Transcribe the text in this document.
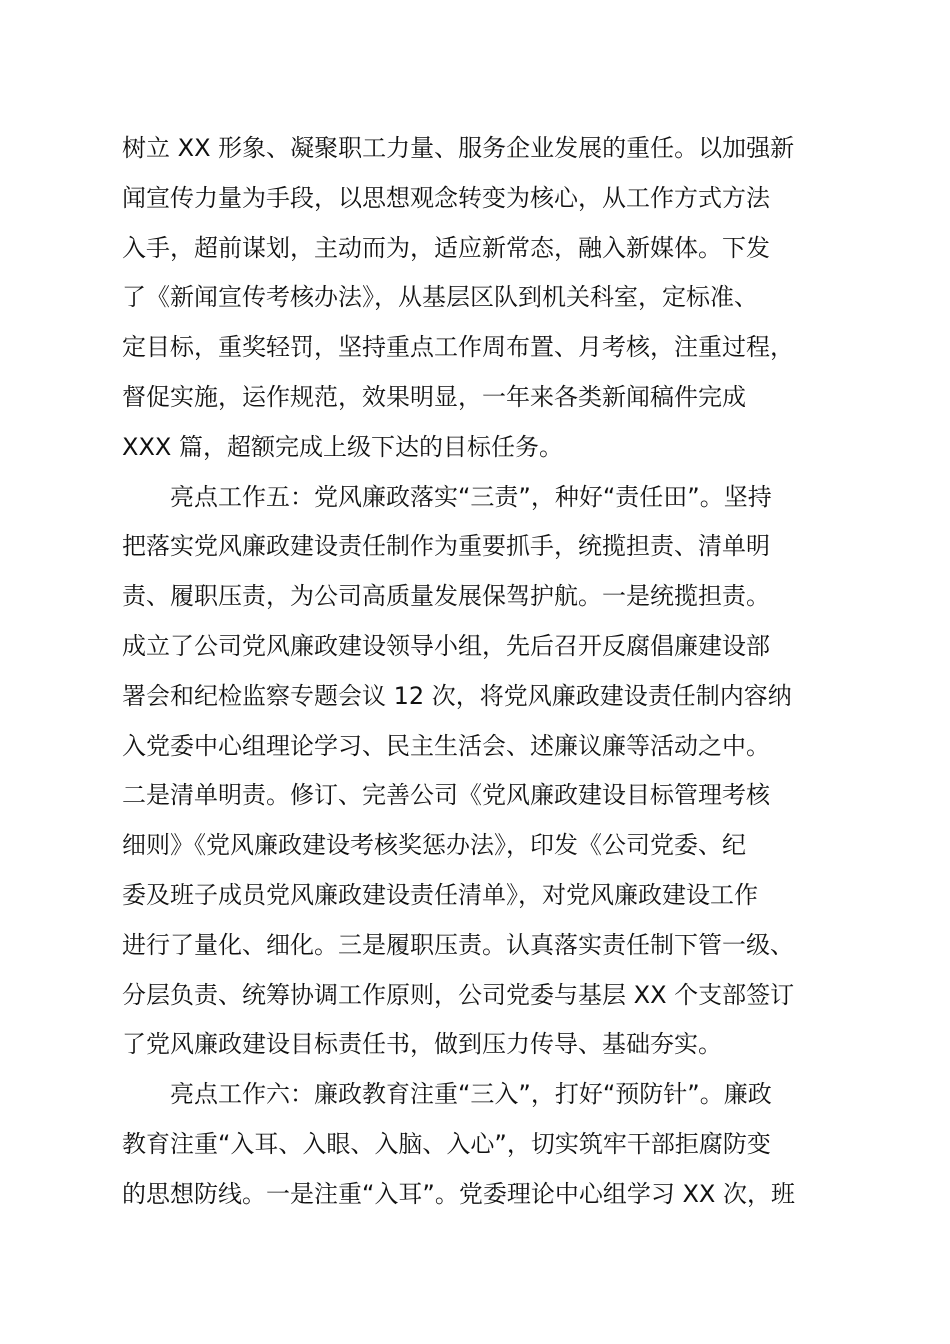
树立 XX 形象、凝聚职工力量、服务企业发展的重任。以加强新
闻宣传力量为手段，以思想观念转变为核心，从工作方式方法
入手，超前谋划，主动而为，适应新常态，融入新媒体。下发
了《新闻宣传考核办法》，从基层区队到机关科室，定标准、
定目标，重奖轻罚，坚持重点工作周布置、月考核，注重过程，
督促实施，运作规范，效果明显，一年来各类新闻稿件完成
XXX 篇，超额完成上级下达的目标任务。
　　亮点工作五：党风廉政落实“三责”，种好“责任田”。坚持
把落实党风廉政建设责任制作为重要抓手，统揽担责、清单明
责、履职压责，为公司高质量发展保驾护航。一是统揽担责。
成立了公司党风廉政建设领导小组，先后召开反腐倡廉建设部
署会和纪检监察专题会议 12 次，将党风廉政建设责任制内容纳
入党委中心组理论学习、民主生活会、述廉议廉等活动之中。
二是清单明责。修订、完善公司《党风廉政建设目标管理考核
细则》《党风廉政建设考核奖惩办法》，印发《公司党委、纪
委及班子成员党风廉政建设责任清单》，对党风廉政建设工作
进行了量化、细化。三是履职压责。认真落实责任制下管一级、
分层负责、统筹协调工作原则，公司党委与基层 XX 个支部签订
了党风廉政建设目标责任书，做到压力传导、基础夯实。
　　亮点工作六：廉政教育注重“三入”，打好“预防针”。廉政
教育注重“入耳、入眼、入脑、入心”，切实筑牢干部拒腐防变
的思想防线。一是注重“入耳”。党委理论中心组学习 XX 次，班
